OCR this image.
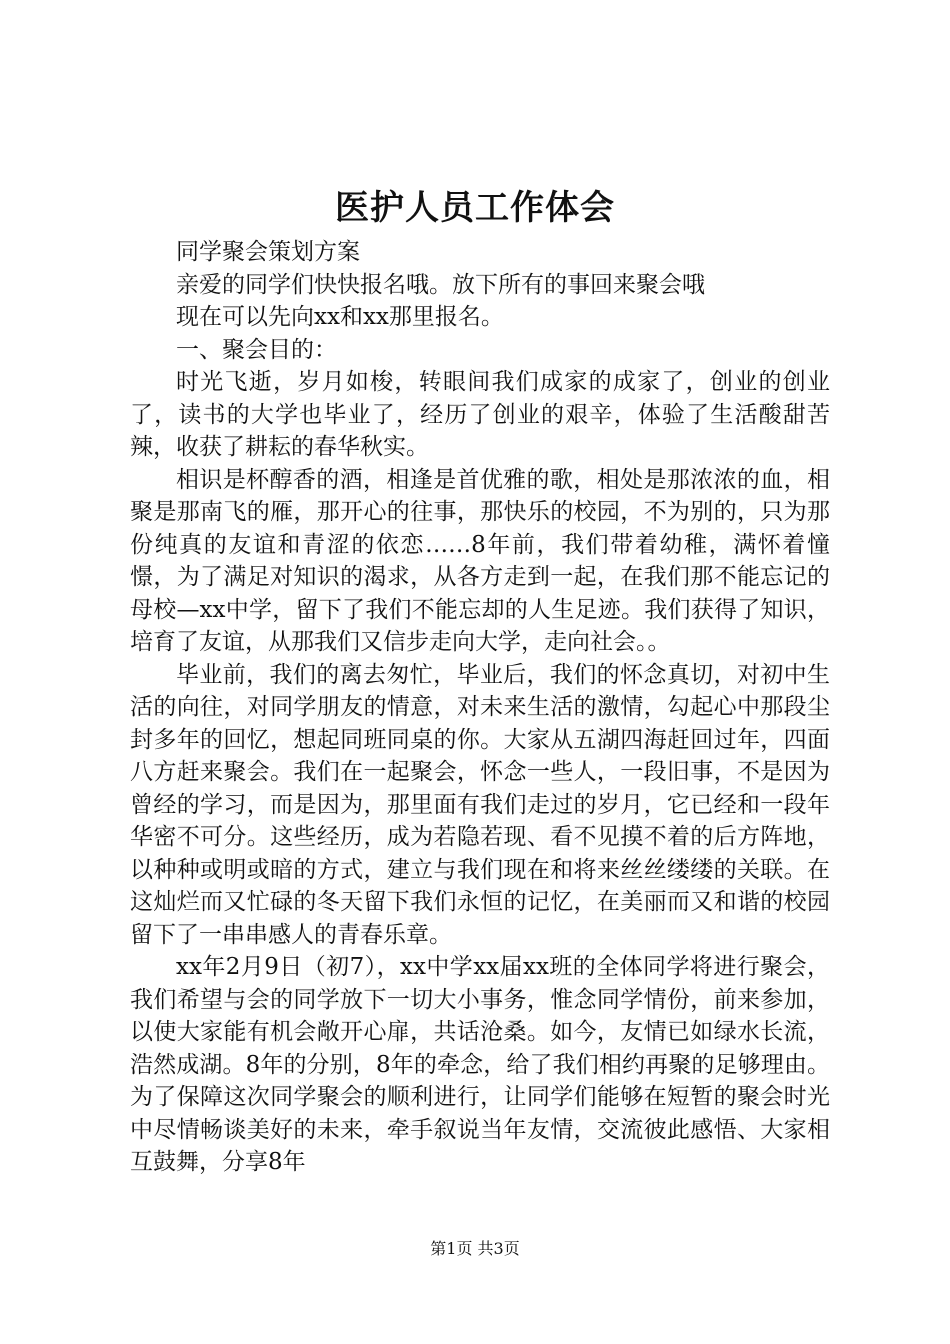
医护人员工作体会

同学聚会策划方案

亲爱的同学们快快报名哦。放下所有的事回来聚会哦

现在可以先向xx和xx那里报名。

一、聚会目的：

时光飞逝，岁月如梭，转眼间我们成家的成家了，创业的创业了，读书的大学也毕业了，经历了创业的艰辛，体验了生活酸甜苦辣，收获了耕耘的春华秋实。

相识是杯醇香的酒，相逢是首优雅的歌，相处是那浓浓的血，相聚是那南飞的雁，那开心的往事，那快乐的校园，不为别的，只为那份纯真的友谊和青涩的依恋……8年前，我们带着幼稚，满怀着憧憬，为了满足对知识的渴求，从各方走到一起，在我们那不能忘记的母校—xx中学，留下了我们不能忘却的人生足迹。我们获得了知识，培育了友谊，从那我们又信步走向大学，走向社会。。

毕业前，我们的离去匆忙，毕业后，我们的怀念真切，对初中生活的向往，对同学朋友的情意，对未来生活的激情，勾起心中那段尘封多年的回忆，想起同班同桌的你。大家从五湖四海赶回过年，四面八方赶来聚会。我们在一起聚会，怀念一些人，一段旧事，不是因为曾经的学习，而是因为，那里面有我们走过的岁月，它已经和一段年华密不可分。这些经历，成为若隐若现、看不见摸不着的后方阵地，以种种或明或暗的方式，建立与我们现在和将来丝丝缕缕的关联。在这灿烂而又忙碌的冬天留下我们永恒的记忆，在美丽而又和谐的校园留下了一串串感人的青春乐章。

xx年2月9日（初7），xx中学xx届xx班的全体同学将进行聚会，我们希望与会的同学放下一切大小事务，惟念同学情份，前来参加，以使大家能有机会敞开心扉，共话沧桑。如今，友情已如绿水长流，浩然成湖。8年的分别，8年的牵念，给了我们相约再聚的足够理由。为了保障这次同学聚会的顺利进行，让同学们能够在短暂的聚会时光中尽情畅谈美好的未来，牵手叙说当年友情，交流彼此感悟、大家相互鼓舞，分享8年

第1页 共3页
